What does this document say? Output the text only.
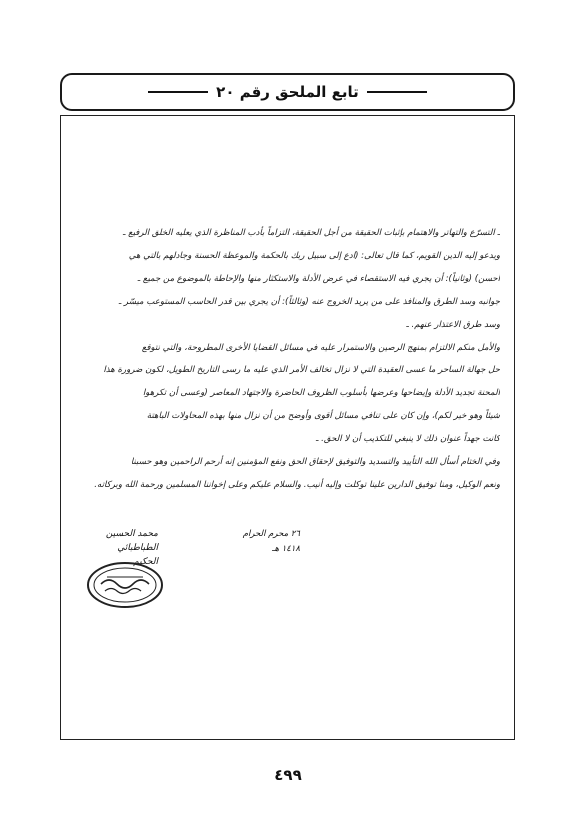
تابع الملحق رقم ٢٠

ـ التسرّع والتهاتر والاهتمام بإثبات الحقيقة من أجل الحقيقة، التزاماً بأدب المناظرة الذي يعليه الخلق الرفيع ـ

ويدعو إليه الدين القويم، كما قال تعالى: (ادع إلى سبيل ربك بالحكمة والموعظة الحسنة وجادلهم بالتي هي

أحسن) (وثانياً): أن يجري فيه الاستقصاء في عرض الأدلة والاستكثار منها والإحاطة بالموضوع من جميع ـ

جوانبه وسد الطرق والمنافذ على من يريد الخروج عنه (وثالثاً): أن يجري بين قدر الحاسب المستوعب ميسّر ـ

وسد طرق الاعتذار عنهم. ـ

والأمل منكم الالتزام بمنهج الرصين والاستمرار عليه في مسائل القضايا الأخرى المطروحة، والتي نتوقع

حل جهالة الساحر ما عسى العقيدة التي لا نزال تخالف الأمر الذي عليه ما رسى التاريخ الطويل، لكون ضرورة هذا

المحنة تجديد الأدلة وإيضاحها وعرضها بأسلوب الظروف الحاضرة والاجتهاد المعاصر (وعسى أن تكرهوا

شيئاً وهو خير لكم)، وإن كان على تنافي مسائل أقوى وأوضح من أن نزال منها بهذه المحاولات الباهتة

كانت جهداً عنوان ذلك لا ينبغي للتكذيب أن لا الحق. ـ

وفي الختام أسأل الله التأييد والتسديد والتوفيق لإحقاق الحق ونفع المؤمنين إنه أرحم الراحمين وهو حسبنا

ونعم الوكيل، ومنا توفيق الدارين علينا توكلت وإليه أنيب. والسلام عليكم وعلى إخواننا المسلمين ورحمة الله وبركاته.

محمد الحسين الطباطبائي
الحكيم
٢٦ محرم الحرام
١٤١٨ هـ
٤٩٩
